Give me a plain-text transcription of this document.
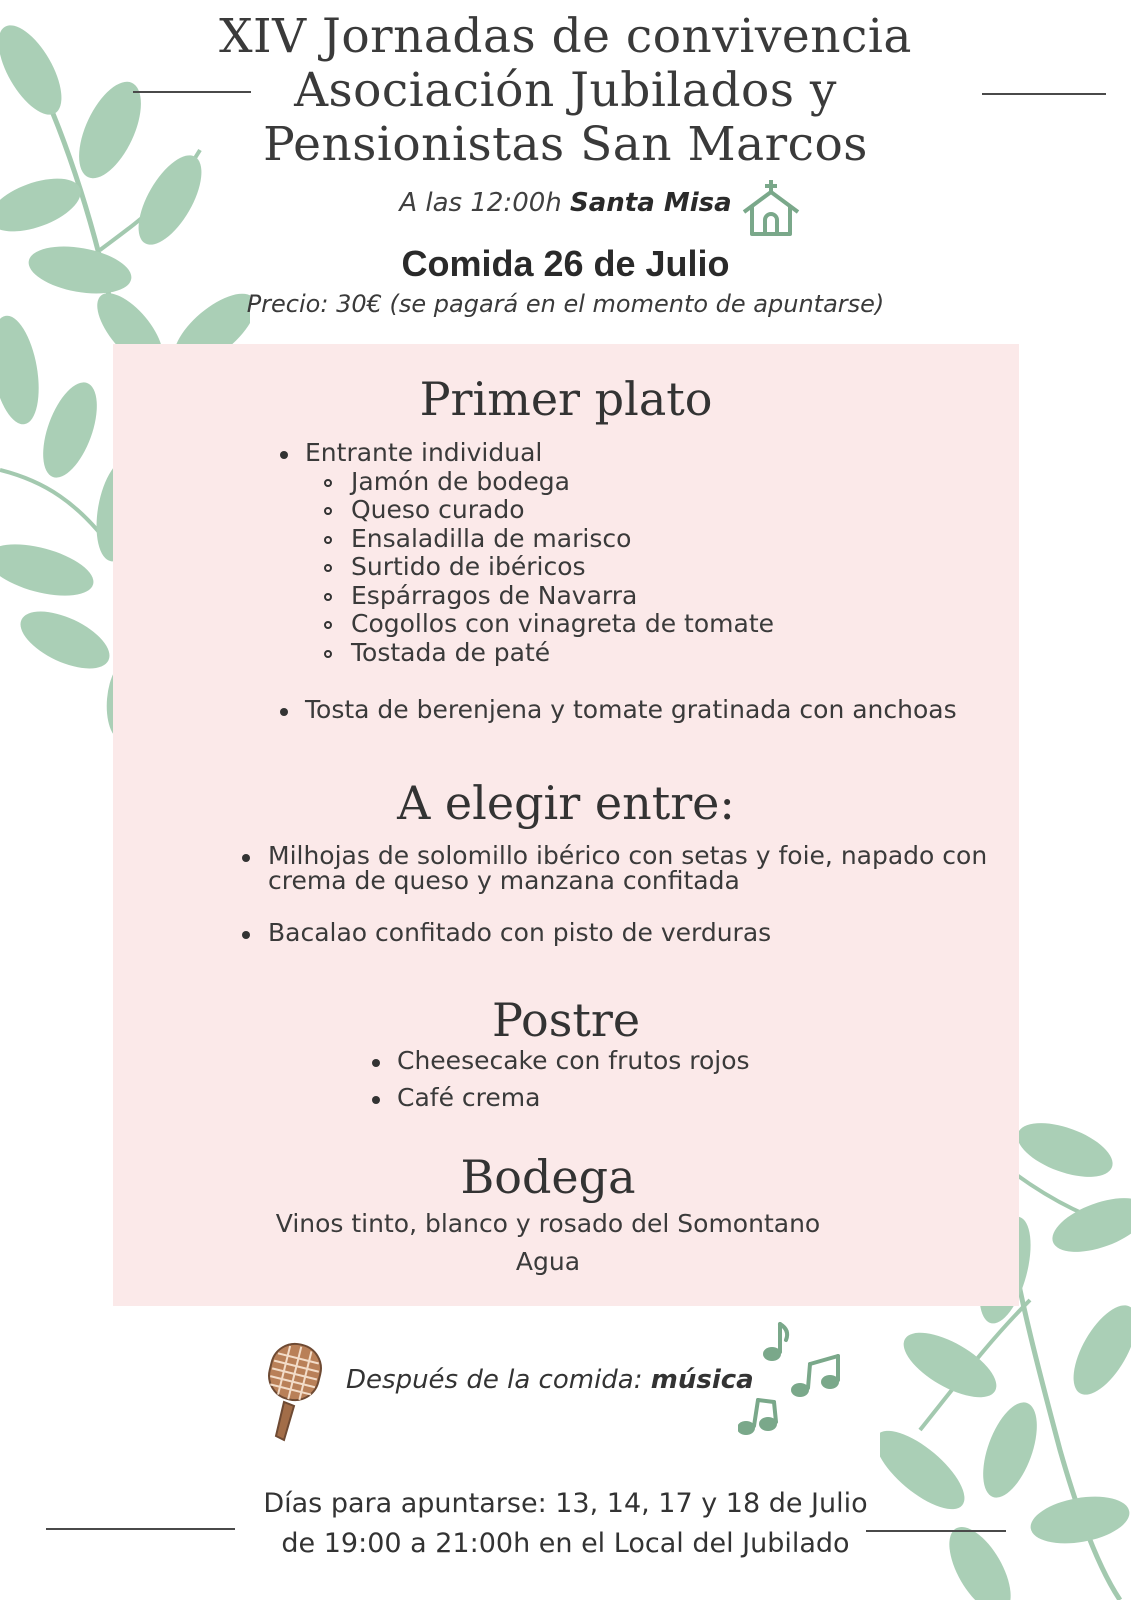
XIV Jornadas de convivencia
Asociación Jubilados y
Pensionistas San Marcos
A las 12:00h Santa Misa
Comida 26 de Julio
Precio: 30€ (se pagará en el momento de apuntarse)
Primer plato
Entrante individual
Jamón de bodega
Queso curado
Ensaladilla de marisco
Surtido de ibéricos
Espárragos de Navarra
Cogollos con vinagreta de tomate
Tostada de paté
Tosta de berenjena y tomate gratinada con anchoas
A elegir entre:
Milhojas de solomillo ibérico con setas y foie, napado con
crema de queso y manzana confitada
Bacalao confitado con pisto de verduras
Postre
Cheesecake con frutos rojos
Café crema
Bodega
Vinos tinto, blanco y rosado del Somontano
Agua
Después de la comida: música
Días para apuntarse: 13, 14, 17 y 18 de Julio
de 19:00 a 21:00h en el Local del Jubilado
